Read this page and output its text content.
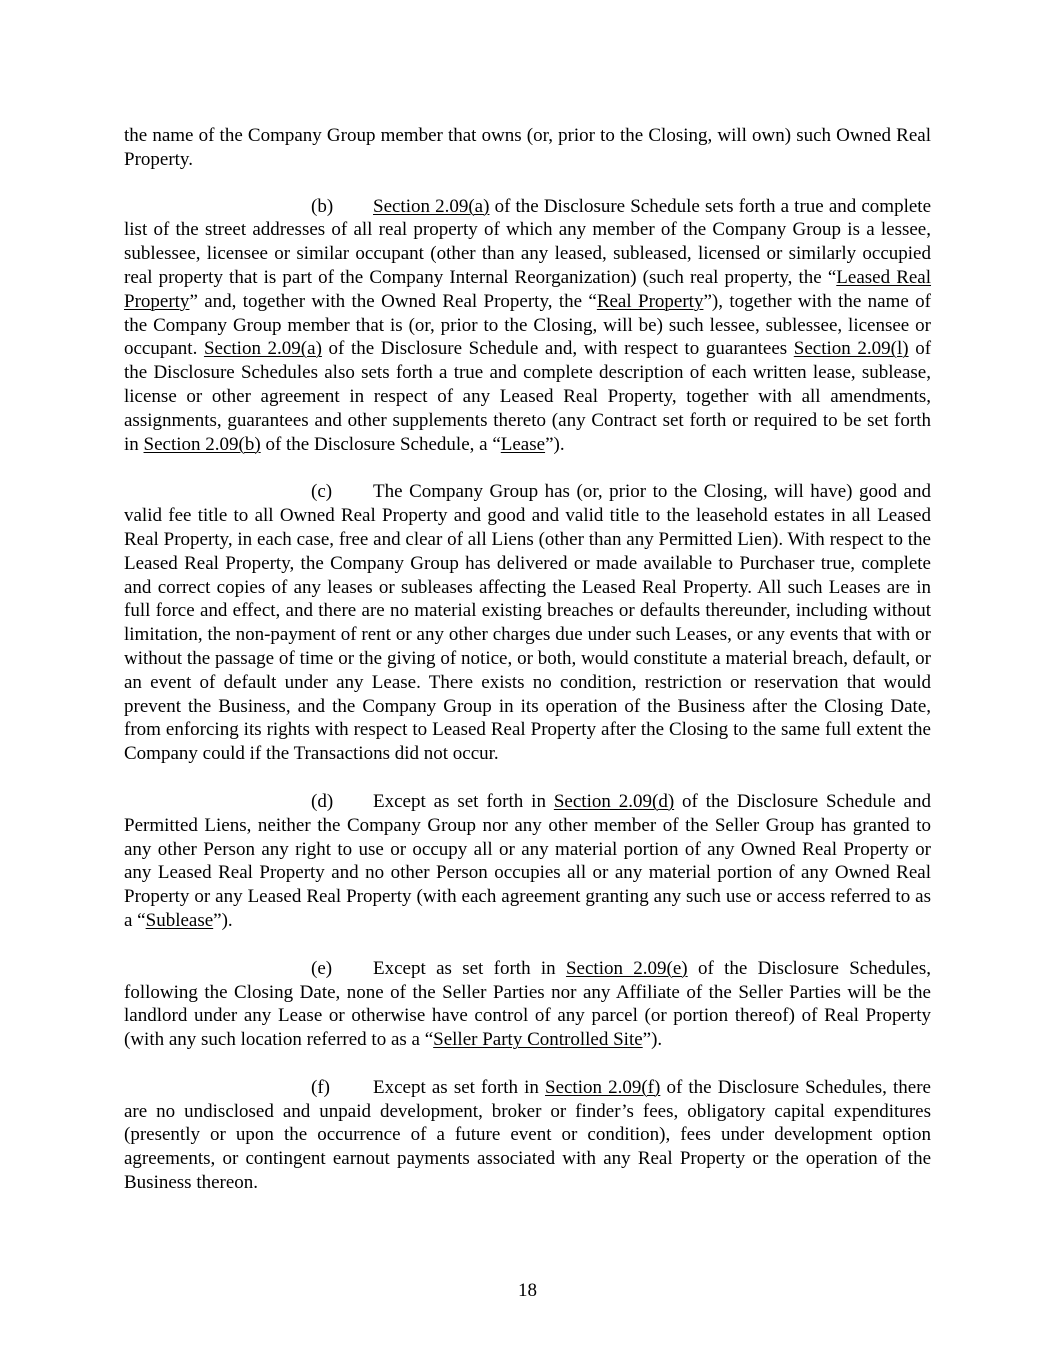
the name of the Company Group member that owns (or, prior to the Closing, will own) such Owned Real Property.

(b) Section 2.09(a) of the Disclosure Schedule sets forth a true and complete list of the street addresses of all real property of which any member of the Company Group is a lessee, sublessee, licensee or similar occupant (other than any leased, subleased, licensed or similarly occupied real property that is part of the Company Internal Reorganization) (such real property, the “Leased Real Property” and, together with the Owned Real Property, the “Real Property”), together with the name of the Company Group member that is (or, prior to the Closing, will be) such lessee, sublessee, licensee or occupant. Section 2.09(a) of the Disclosure Schedule and, with respect to guarantees Section 2.09(l) of the Disclosure Schedules also sets forth a true and complete description of each written lease, sublease, license or other agreement in respect of any Leased Real Property, together with all amendments, assignments, guarantees and other supplements thereto (any Contract set forth or required to be set forth in Section 2.09(b) of the Disclosure Schedule, a “Lease”).

(c) The Company Group has (or, prior to the Closing, will have) good and valid fee title to all Owned Real Property and good and valid title to the leasehold estates in all Leased Real Property, in each case, free and clear of all Liens (other than any Permitted Lien). With respect to the Leased Real Property, the Company Group has delivered or made available to Purchaser true, complete and correct copies of any leases or subleases affecting the Leased Real Property. All such Leases are in full force and effect, and there are no material existing breaches or defaults thereunder, including without limitation, the non-payment of rent or any other charges due under such Leases, or any events that with or without the passage of time or the giving of notice, or both, would constitute a material breach, default, or an event of default under any Lease. There exists no condition, restriction or reservation that would prevent the Business, and the Company Group in its operation of the Business after the Closing Date, from enforcing its rights with respect to Leased Real Property after the Closing to the same full extent the Company could if the Transactions did not occur.

(d) Except as set forth in Section 2.09(d) of the Disclosure Schedule and Permitted Liens, neither the Company Group nor any other member of the Seller Group has granted to any other Person any right to use or occupy all or any material portion of any Owned Real Property or any Leased Real Property and no other Person occupies all or any material portion of any Owned Real Property or any Leased Real Property (with each agreement granting any such use or access referred to as a “Sublease”).

(e) Except as set forth in Section 2.09(e) of the Disclosure Schedules, following the Closing Date, none of the Seller Parties nor any Affiliate of the Seller Parties will be the landlord under any Lease or otherwise have control of any parcel (or portion thereof) of Real Property (with any such location referred to as a “Seller Party Controlled Site”).

(f) Except as set forth in Section 2.09(f) of the Disclosure Schedules, there are no undisclosed and unpaid development, broker or finder’s fees, obligatory capital expenditures (presently or upon the occurrence of a future event or condition), fees under development option agreements, or contingent earnout payments associated with any Real Property or the operation of the Business thereon.

18
